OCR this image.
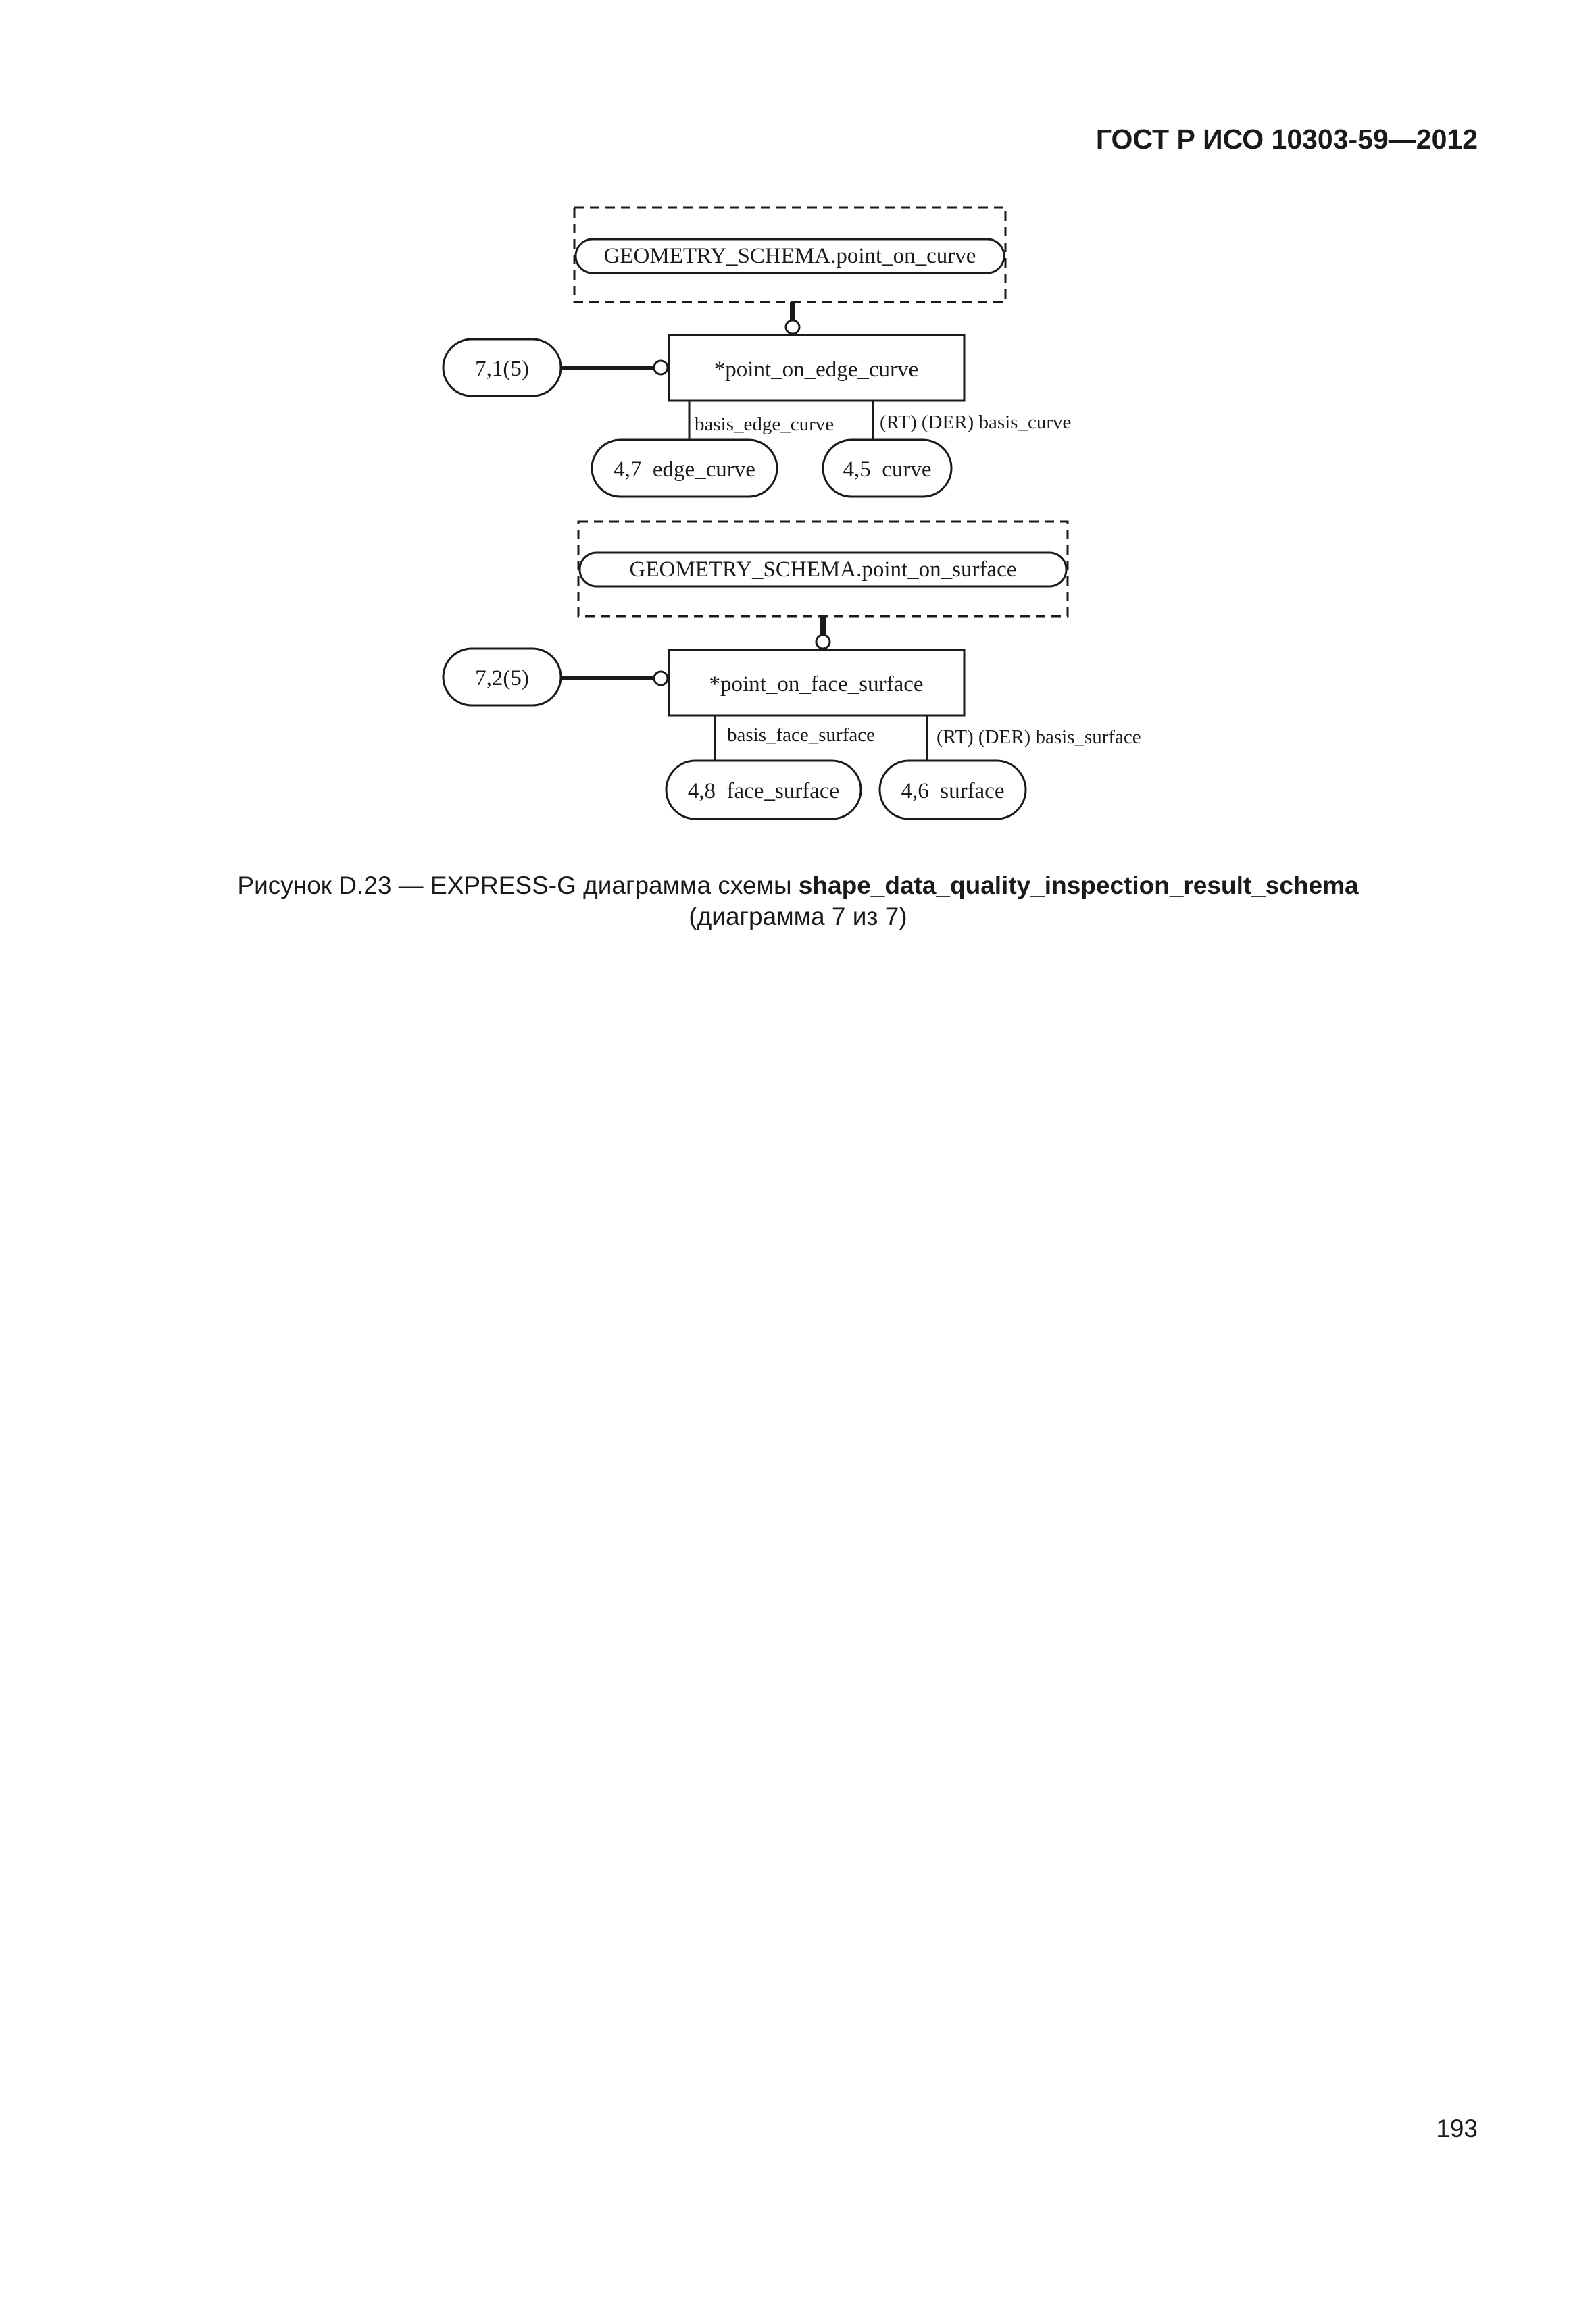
ГОСТ Р ИСО 10303-59—2012
GEOMETRY_SCHEMA.point_on_curve
*point_on_edge_curve
7,1(5)
basis_edge_curve (RT) (DER) basis_curve
4,7  edge_curve	4,5  curve
GEOMETRY_SCHEMA.point_on_surface
*point_on_face_surface
7,2(5)
basis_face_surface	(RT) (DER) basis_surface
4,8  face_surface	4,6  surface
Рисунок D.23 — EXPRESS-G диаграмма схемы shape_data_quality_inspection_result_schema
(диаграмма 7 из 7)
193
